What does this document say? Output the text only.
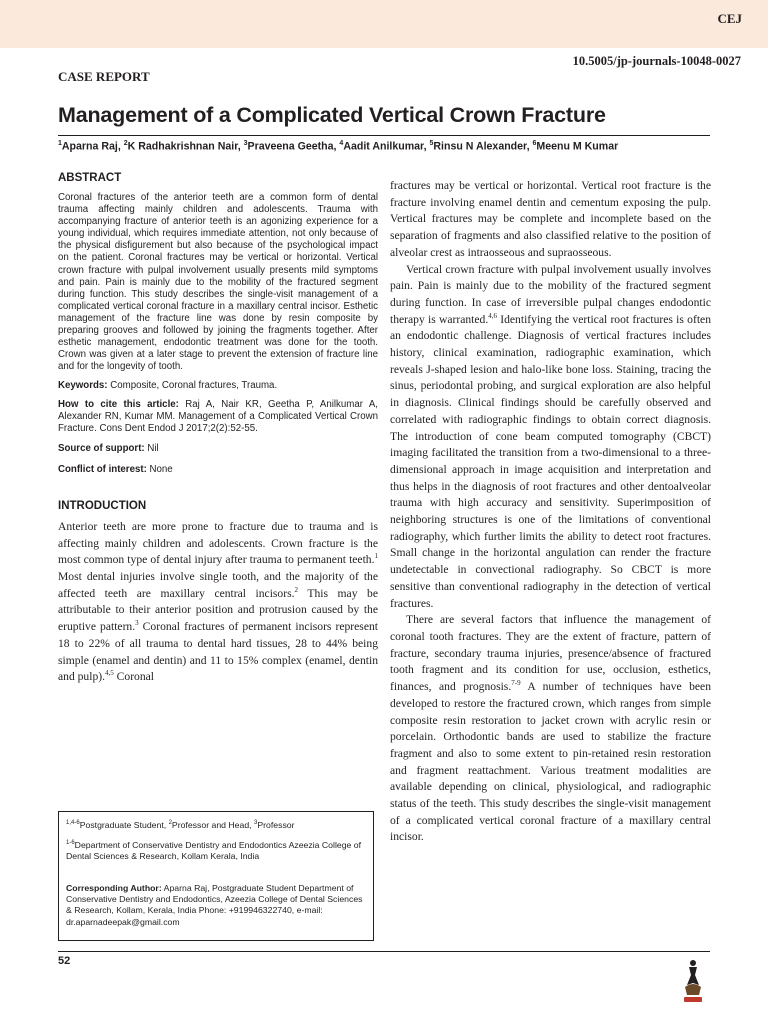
CEJ
10.5005/jp-journals-10048-0027
CASE REPORT
Management of a Complicated Vertical Crown Fracture
$^1$Aparna Raj, $^2$K Radhakrishnan Nair, $^3$Praveena Geetha, $^4$Aadit Anilkumar, $^5$Rinsu N Alexander, $^6$Meenu M Kumar
ABSTRACT

Coronal fractures of the anterior teeth are a common form of dental trauma affecting mainly children and adolescents. Trauma with accompanying fracture of anterior teeth is an agonizing experience for a young individual, which requires immediate attention, not only because of the physical disfigurement but also because of the psychological impact on the patient. Coronal fractures may be vertical or horizontal. Vertical crown fracture with pulpal involvement usually presents mild symptoms and pain. Pain is mainly due to the mobility of the fractured segment during function. This study describes the single-visit management of a complicated vertical coronal fracture in a maxillary central incisor. Esthetic management of the fracture line was done by resin composite by preparing grooves and followed by joining the fragments together. After esthetic management, endodontic treatment was done for the tooth. Crown was given at a later stage to prevent the extension of fracture line and for the longevity of tooth.

Keywords: Composite, Coronal fractures, Trauma.

How to cite this article: Raj A, Nair KR, Geetha P, Anilkumar A, Alexander RN, Kumar MM. Management of a Complicated Vertical Crown Fracture. Cons Dent Endod J 2017;2(2):52-55.

Source of support: Nil

Conflict of interest: None

INTRODUCTION

Anterior teeth are more prone to fracture due to trauma and is affecting mainly children and adolescents. Crown fracture is the most common type of dental injury after trauma to permanent teeth.$^1$ Most dental injuries involve single tooth, and the majority of the affected teeth are maxillary central incisors.$^2$ This may be attributable to their anterior position and protrusion caused by the eruptive pattern.$^3$ Coronal fractures of permanent incisors represent 18 to 22% of all trauma to dental hard tissues, 28 to 44% being simple (enamel and dentin) and 11 to 15% complex (enamel, dentin and pulp).$^{4,5}$ Coronal

fractures may be vertical or horizontal. Vertical root fracture is the fracture involving enamel dentin and cementum exposing the pulp. Vertical fractures may be complete and incomplete based on the separation of fragments and also classified relative to the position of alveolar crest as intraosseous and supraosseous.

Vertical crown fracture with pulpal involvement usually involves pain. Pain is mainly due to the mobility of the fractured segment during function. In case of irreversible pulpal changes endodontic therapy is warranted.$^{4,6}$ Identifying the vertical root fractures is often an endodontic challenge. Diagnosis of vertical fractures includes history, clinical examination, radiographic examination, which reveals J-shaped lesion and halo-like bone loss. Staining, tracing the sinus, periodontal probing, and surgical exploration are also helpful in diagnosis. Clinical findings should be carefully observed and correlated with radiographic findings to obtain correct diagnosis. The introduction of cone beam computed tomography (CBCT) imaging facilitated the transition from a two-dimensional to a three-dimensional approach in image acquisition and interpretation and thus helps in the diagnosis of root fractures and other dentoalveolar trauma with high accuracy and sensitivity. Superimposition of neighboring structures is one of the limitations of conventional radiography, which further limits the ability to detect root fractures. Small change in the horizontal angulation can render the fracture undetectable in convectional radiography. So CBCT is more sensitive than conventional radiography in the detection of vertical fractures.

There are several factors that influence the management of coronal tooth fractures. They are the extent of fracture, pattern of fracture, secondary trauma injuries, presence/absence of fractured tooth fragment and its condition for use, occlusion, esthetics, finances, and prognosis.$^{7-9}$ A number of techniques have been developed to restore the fractured crown, which ranges from simple composite resin restoration to jacket crown with acrylic resin or porcelain. Orthodontic bands are used to stabilize the fracture fragment and also to some extent to pin-retained resin restoration and fragment reattachment. Various treatment modalities are available depending on clinical, physiological, and radiographic status of the teeth. This study describes the single-visit management of a complicated vertical coronal fracture of a maxillary central incisor.

$^{1,4-6}$Postgraduate Student, $^2$Professor and Head, $^3$Professor
$^{1-6}$Department of Conservative Dentistry and Endodontics Azeezia College of Dental Sciences & Research, Kollam Kerala, India
Corresponding Author: Aparna Raj, Postgraduate Student Department of Conservative Dentistry and Endodontics, Azeezia College of Dental Sciences & Research, Kollam, Kerala, India Phone: +919946322740, e-mail: dr.aparnadeepak@gmail.com
52
